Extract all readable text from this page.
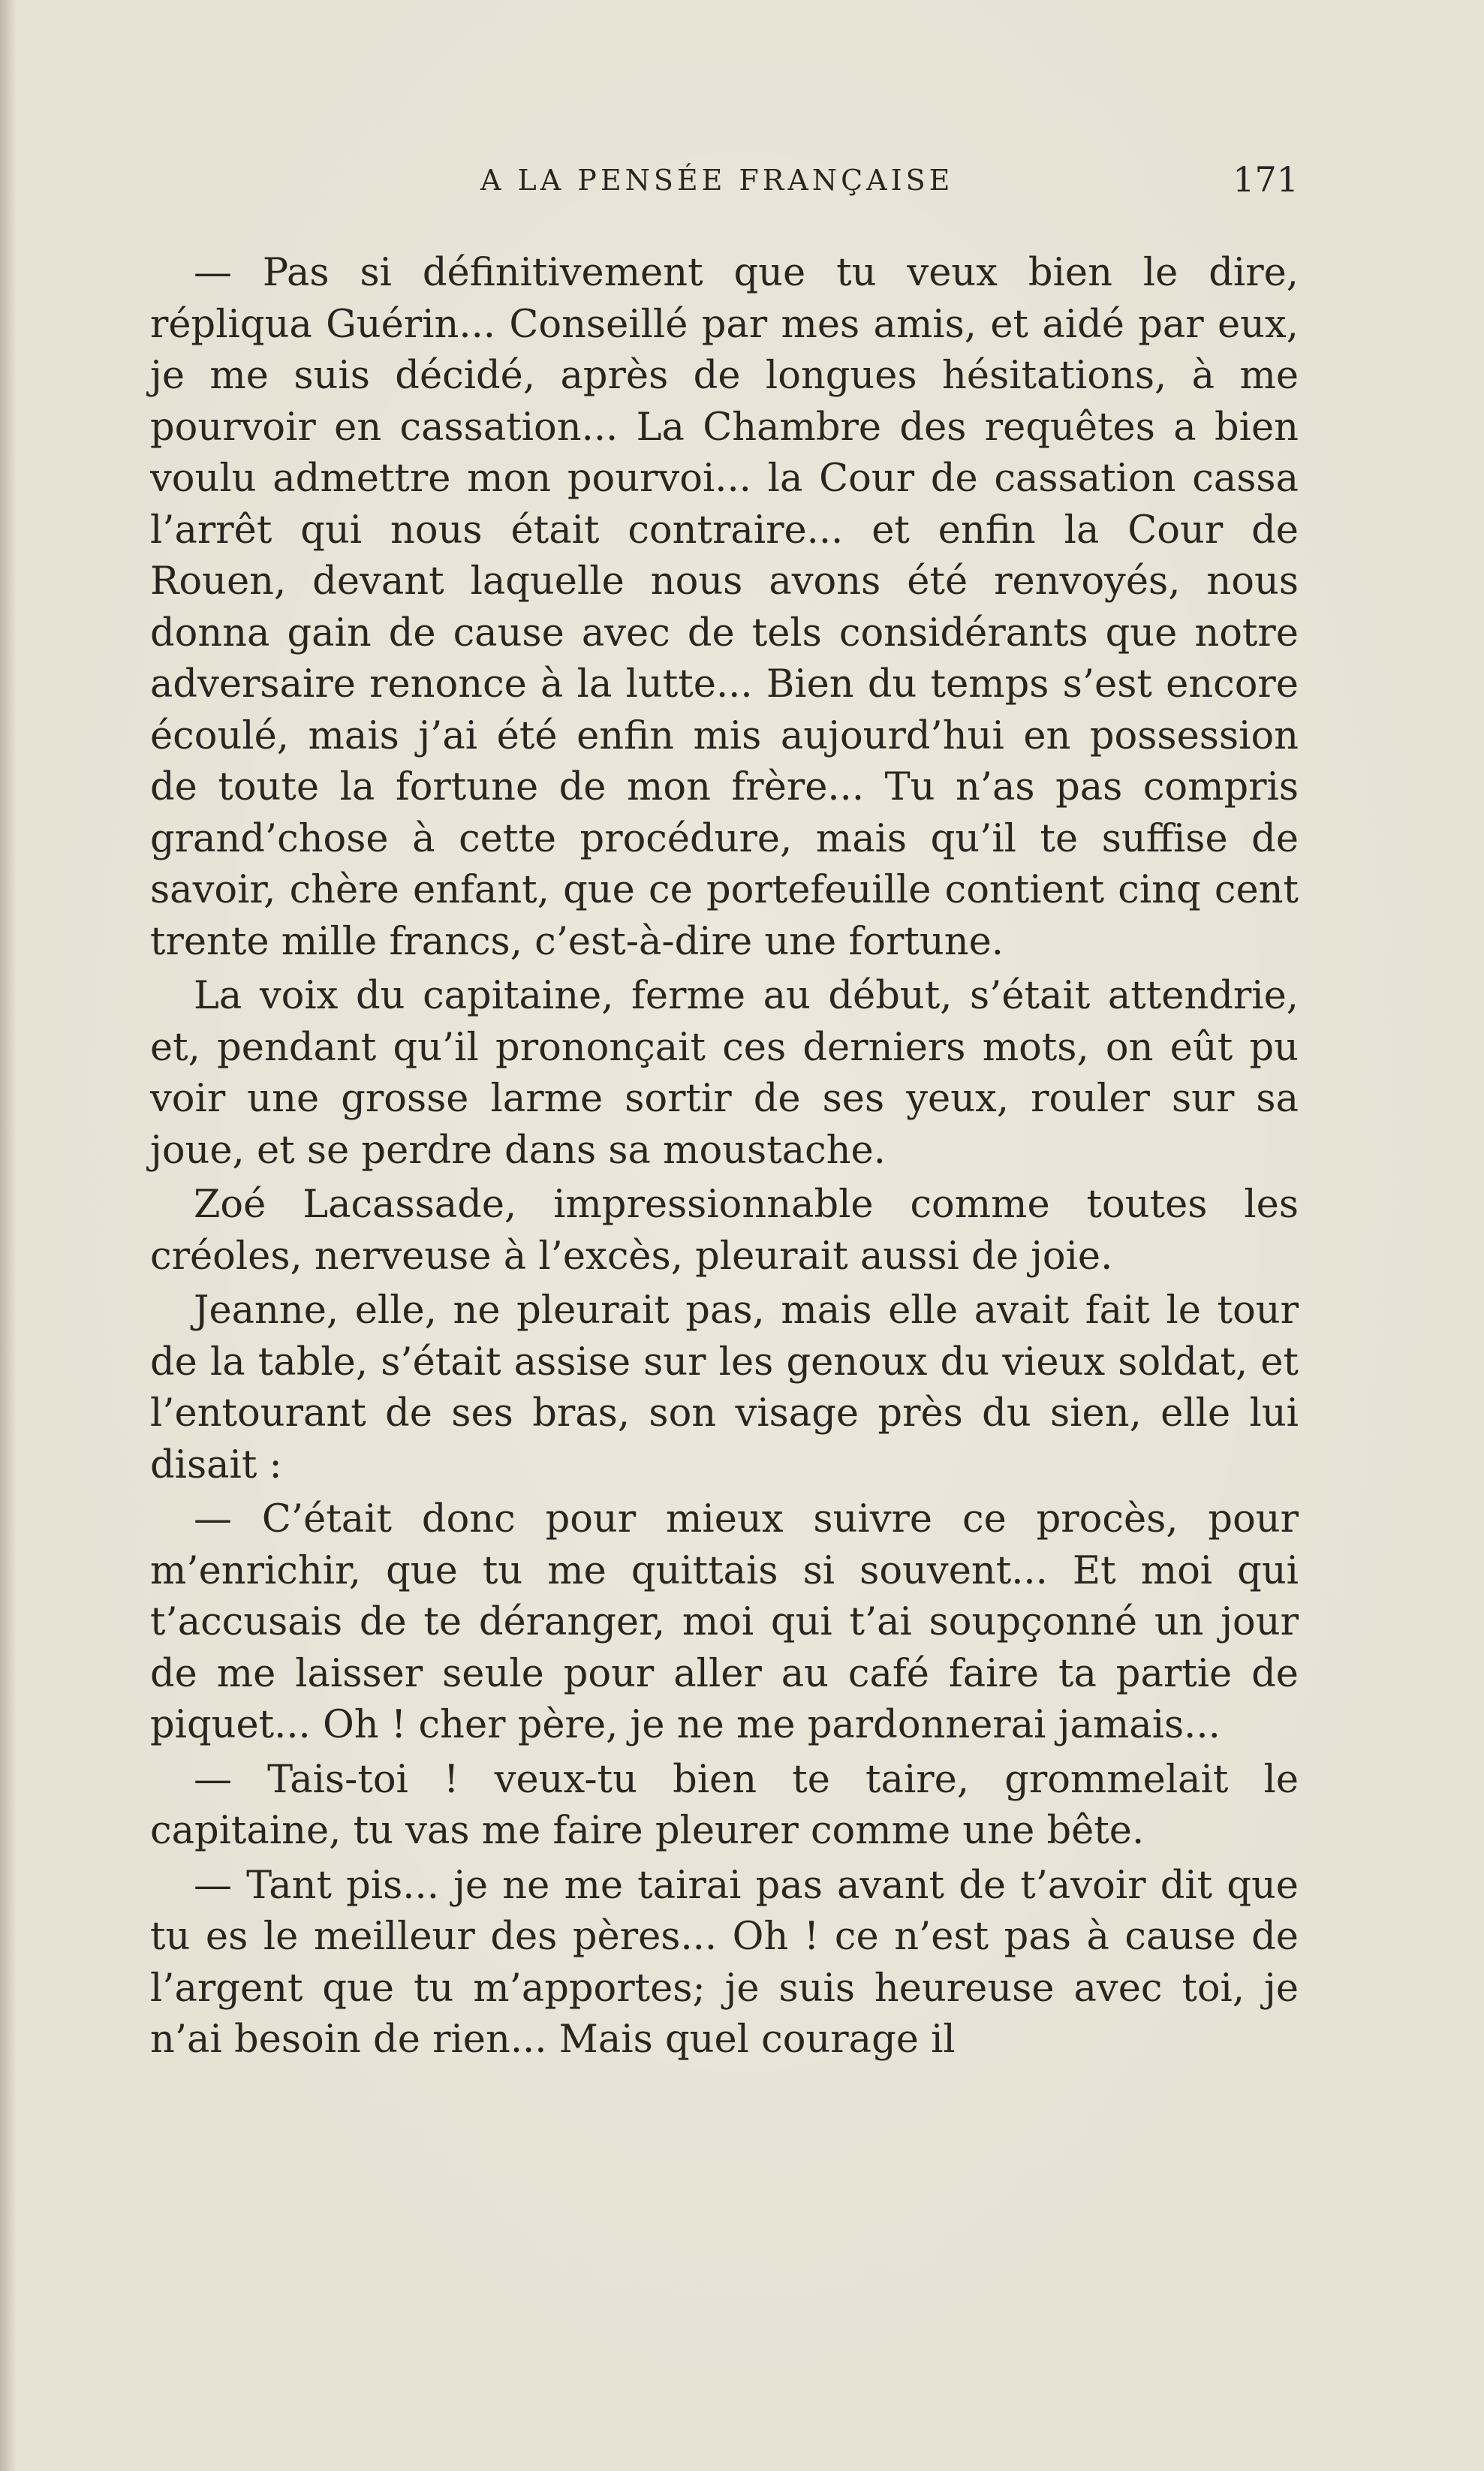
A LA PENSÉE FRANÇAISE	171

— Pas si définitivement que tu veux bien le dire, répliqua Guérin... Conseillé par mes amis, et aidé par eux, je me suis décidé, après de longues hésitations, à me pourvoir en cassation... La Chambre des requêtes a bien voulu admettre mon pourvoi... la Cour de cassation cassa l’arrêt qui nous était contraire... et enfin la Cour de Rouen, devant laquelle nous avons été renvoyés, nous donna gain de cause avec de tels considérants que notre adversaire renonce à la lutte... Bien du temps s’est encore écoulé, mais j’ai été enfin mis aujourd’hui en possession de toute la fortune de mon frère... Tu n’as pas compris grand’chose à cette procédure, mais qu’il te suffise de savoir, chère enfant, que ce portefeuille contient cinq cent trente mille francs, c’est-à-dire une fortune.

La voix du capitaine, ferme au début, s’était attendrie, et, pendant qu’il prononçait ces derniers mots, on eût pu voir une grosse larme sortir de ses yeux, rouler sur sa joue, et se perdre dans sa moustache.

Zoé Lacassade, impressionnable comme toutes les créoles, nerveuse à l’excès, pleurait aussi de joie.

Jeanne, elle, ne pleurait pas, mais elle avait fait le tour de la table, s’était assise sur les genoux du vieux soldat, et l’entourant de ses bras, son visage près du sien, elle lui disait :

— C’était donc pour mieux suivre ce procès, pour m’enrichir, que tu me quittais si souvent... Et moi qui t’accusais de te déranger, moi qui t’ai soupçonné un jour de me laisser seule pour aller au café faire ta partie de piquet... Oh ! cher père, je ne me pardonnerai jamais...

— Tais-toi ! veux-tu bien te taire, grommelait le capitaine, tu vas me faire pleurer comme une bête.

— Tant pis... je ne me tairai pas avant de t’avoir dit que tu es le meilleur des pères... Oh ! ce n’est pas à cause de l’argent que tu m’apportes; je suis heureuse avec toi, je n’ai besoin de rien... Mais quel courage il
